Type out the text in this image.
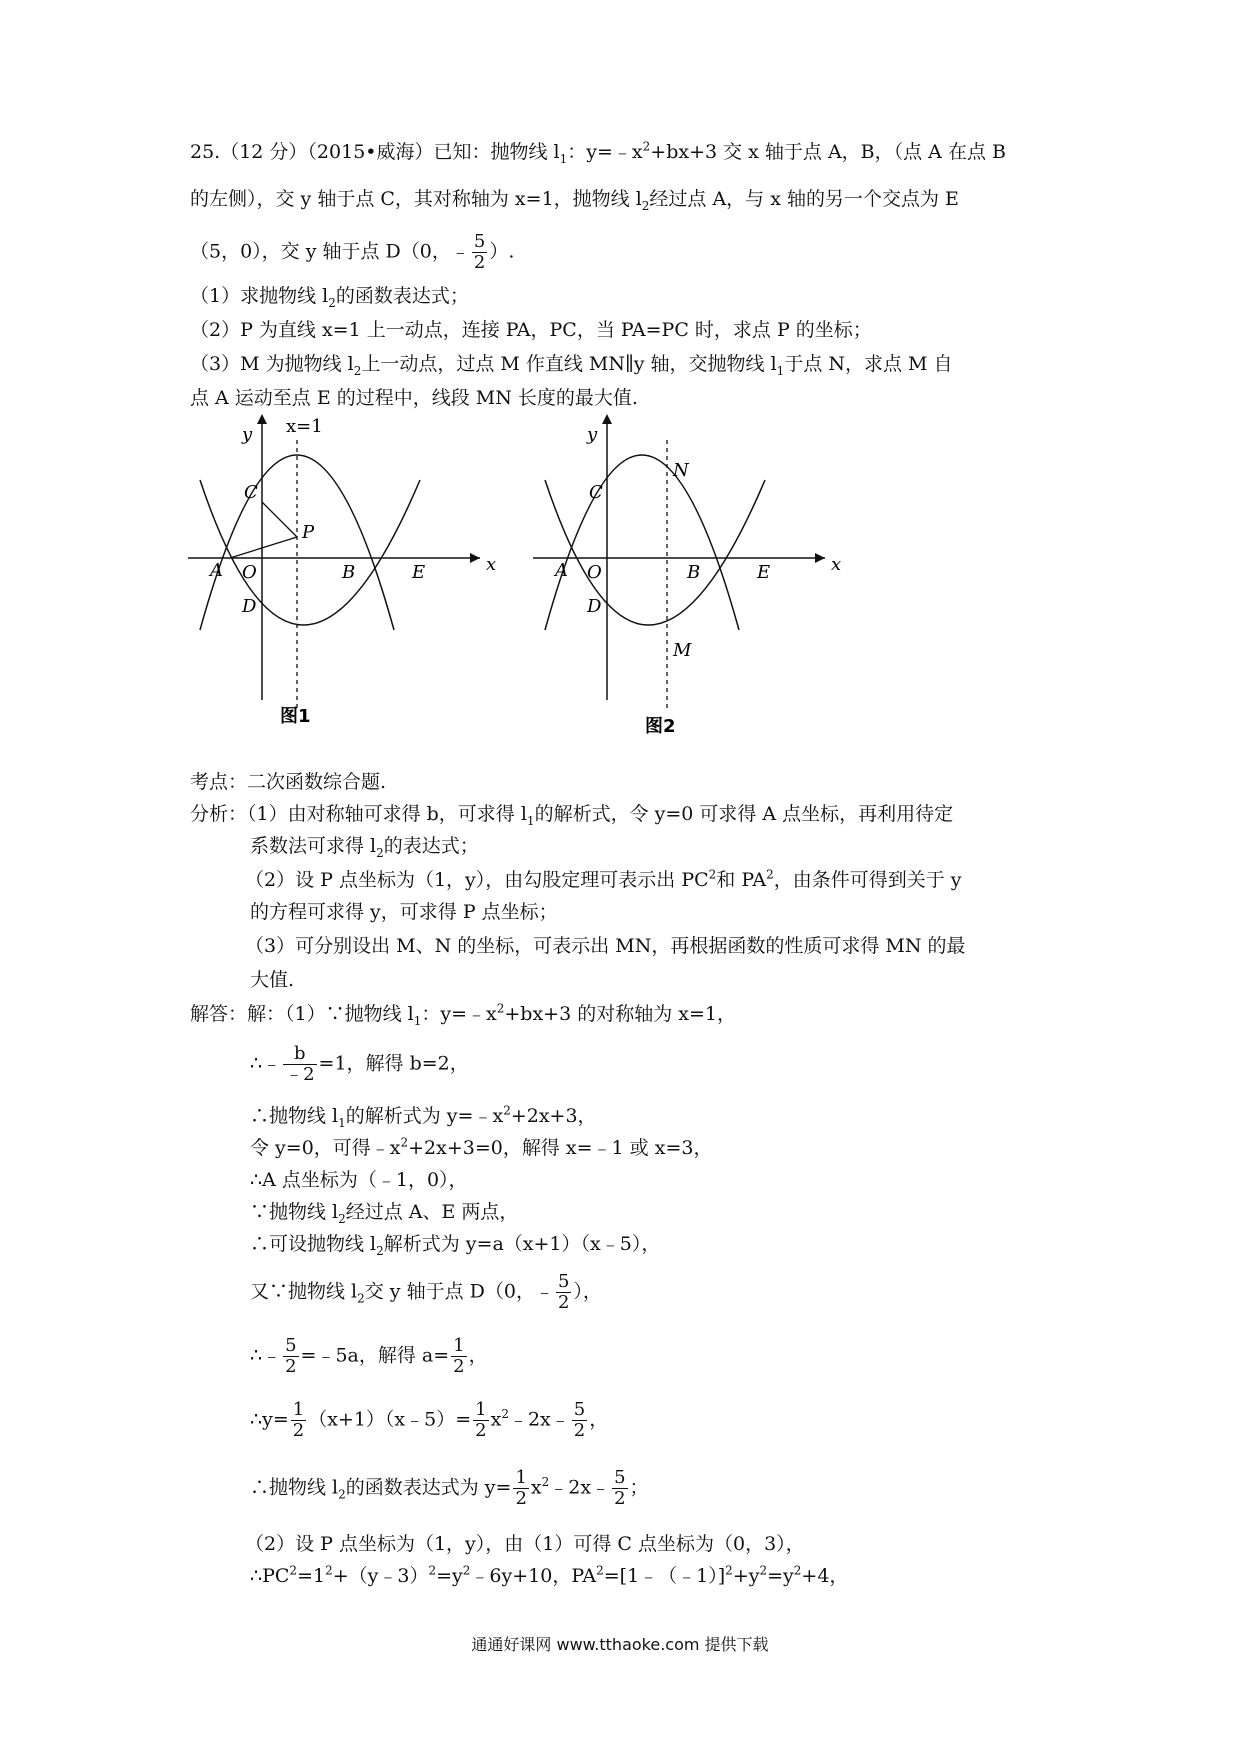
25.（12 分）（2015•威海）已知：抛物线 $l_1$：$y=﹣x^2+bx+3$ 交 x 轴于点 A，B，（点 A 在点 B
的左侧），交 y 轴于点 C，其对称轴为 x=1，抛物线 $l_2$经过点 A，与 x 轴的另一个交点为 E
（5，0），交 y 轴于点 D（0，﹣ $\frac{5}{2}$ ）.
（1）求抛物线 $l_2$的函数表达式；
（2）P 为直线 x=1 上一动点，连接 PA，PC，当 PA=PC 时，求点 P 的坐标；
（3）M 为抛物线 $l_2$上一动点，过点 M 作直线 MN∥y 轴，交抛物线 $l_1$于点 N，求点 M 自
点 A 运动至点 E 的过程中，线段 MN 长度的最大值.
y x=1
x
A O	B	E
C
D
P
图1
y
x
A O	B	E
C
D
N
M
图2
考点：二次函数综合题.
分析：（1）由对称轴可求得 b，可求得 $l_1$的解析式，令 y=0 可求得 A 点坐标，再利用待定
系数法可求得 $l_2$的表达式；
（2）设 P 点坐标为（1，y），由勾股定理可表示出 $PC^2$和 $PA^2$，由条件可得到关于 y
的方程可求得 y，可求得 P 点坐标；
（3）可分别设出 M、N 的坐标，可表示出 MN，再根据函数的性质可求得 MN 的最
大值.
解答：解：（1）∵抛物线 $l_1$：$y=﹣x^2+bx+3$ 的对称轴为 x=1，
∴﹣ $\frac{b}{﹣2} =1$，解得 b=2，
∴抛物线 $l_1$的解析式为 $y=﹣x^2+2x+3$，
令 y=0，可得$﹣x^2+2x+3=0$，解得 x=﹣1 或 x=3，
∴A 点坐标为（﹣1，0），
∵抛物线 $l_2$经过点 A、E 两点，
∴可设抛物线 $l_2$解析式为 y=a（x+1）（x﹣5），
又∵抛物线 $l_2$交 y 轴于点 D（0，﹣ $\frac{5}{2}$ ），
∴﹣ $\frac{5}{2}$ =﹣5a，解得 $a= \frac{1}{2}$ ，
∴y= $\frac{1}{2}$ （x+1）（x﹣5）= $\frac{1}{2}$ $x^2﹣2x﹣ \frac{5}{2}$ ，
∴抛物线 $l_2$的函数表达式为 $y= \frac{1}{2}$ $x^2﹣2x﹣ \frac{5}{2}$ ；
（2）设 P 点坐标为（1，y），由（1）可得 C 点坐标为（0，3），
$\therefore PC^2=1^2+(y﹣3)^2=y^2﹣6y+10$，$PA^2=[1﹣(﹣1)]^2+y^2=y^2+4$，
通通好课网 www.tthaoke.com 提供下载
